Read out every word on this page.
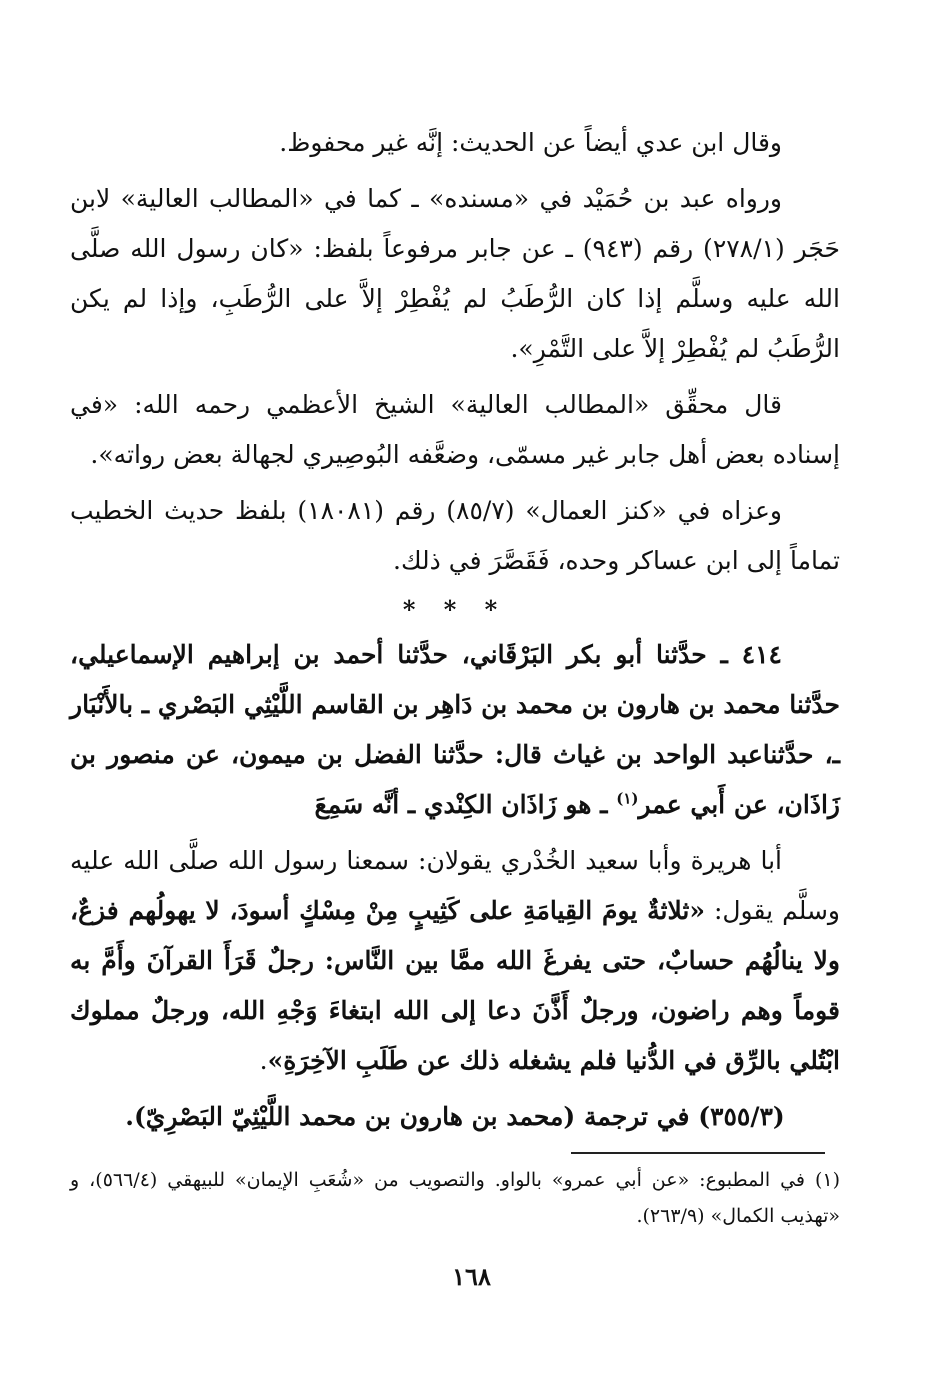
وقال ابن عدي أيضاً عن الحديث: إنَّه غير محفوظ.

ورواه عبد بن حُمَيْد في «مسنده» ـ كما في «المطالب العالية» لابن حَجَر (٢٧٨/١) رقم (٩٤٣) ـ عن جابر مرفوعاً بلفظ: «كان رسول الله صلَّى الله عليه وسلَّم إذا كان الرُّطَبُ لم يُفْطِرْ إلاَّ على الرُّطَبِ، وإذا لم يكن الرُّطَبُ لم يُفْطِرْ إلاَّ على التَّمْرِ».

قال محقِّق «المطالب العالية» الشيخ الأعظمي رحمه الله: «في إسناده بعض أهل جابر غير مسمّى، وضعَّفه البُوصِيري لجهالة بعض رواته».

وعزاه في «كنز العمال» (٨٥/٧) رقم (١٨٠٨١) بلفظ حديث الخطيب تماماً إلى ابن عساكر وحده، فَقَصَّرَ في ذلك.

* * *

٤١٤ ـ حدَّثنا أبو بكر البَرْقَاني، حدَّثنا أحمد بن إبراهيم الإسماعيلي، حدَّثنا محمد بن هارون بن محمد بن دَاهِر بن القاسم اللَّيْثِي البَصْري ـ بالأَنْبَار ـ، حدَّثناعبد الواحد بن غياث قال: حدَّثنا الفضل بن ميمون، عن منصور بن زَاذَان، عن أَبي عمر$^{(١)}$ ـ هو زَاذَان الكِنْدي ـ أنَّه سَمِعَ

أبا هريرة وأبا سعيد الخُدْري يقولان: سمعنا رسول الله صلَّى الله عليه وسلَّم يقول: «ثلاثةٌ يومَ القِيامَةِ على كَثِيبٍ مِنْ مِسْكٍ أسودَ، لا يهولُهم فزعٌ، ولا ينالُهُم حسابٌ، حتى يفرغَ الله ممَّا بين النَّاس: رجلٌ قَرَأَ القرآنَ وأَمَّ به قوماً وهم راضون، ورجلٌ أَذَّنَ دعا إلى الله ابتغاءَ وَجْهِ الله، ورجلٌ مملوك ابْتُلي بالرِّق في الدُّنيا فلم يشغله ذلك عن طَلَبِ الآخِرَةِ».

(٣٥٥/٣) في ترجمة (محمد بن هارون بن محمد اللَّيْثِيّ البَصْرِيّ).

(١) في المطبوع: «عن أبي عمرو» بالواو. والتصويب من «شُعَبِ الإيمان» للبيهقي (٥٦٦/٤)، و «تهذيب الكمال» (٢٦٣/٩).
١٦٨
